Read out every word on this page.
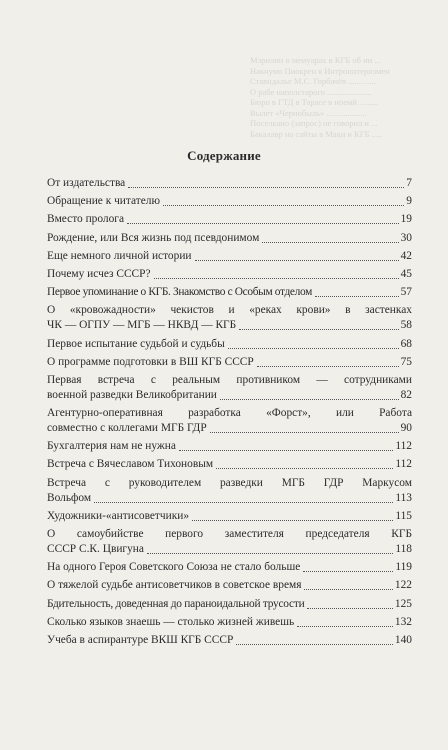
Мэрилин о мемуарах в КГБ об ии ...
Накнумо Пиокрен я Интроинтеризмен
Ставидалье М.С. Горбачёв .............
О рабе наполстарого .....................
Бюро в ГТД в Тарасе в ноемй .........
Вылет «Чернобыль» ...................
Поселкано (запрос) не говорил и ...
Бакалавр на сайты в Маки и КГБ .....
Содержание
От издательства	7
Обращение к читателю	9
Вместо пролога	19
Рождение, или Вся жизнь под псевдонимом	30
Еще немного личной истории	42
Почему исчез СССР?	45
Первое упоминание о КГБ. Знакомство с Особым отделом	57
О «кровожадности» чекистов и «реках крови» в застенках
ЧК — ОГПУ — МГБ — НКВД — КГБ	58
Первое испытание судьбой и судьбы	68
О программе подготовки в ВШ КГБ СССР	75
Первая встреча с реальным противником — сотрудниками
военной разведки Великобритании	82
Агентурно-оперативная разработка «Форст», или Работа
совместно с коллегами МГБ ГДР	90
Бухгалтерия нам не нужна	112
Встреча с Вячеславом Тихоновым	112
Встреча с руководителем разведки МГБ ГДР Маркусом
Вольфом	113
Художники-«антисоветчики»	115
О самоубийстве первого заместителя председателя КГБ
СССР С.К. Цвигуна	118
На одного Героя Советского Союза не стало больше	119
О тяжелой судьбе антисоветчиков в советское время	122
Бдительность, доведенная до параноидальной трусости	125
Сколько языков знаешь — столько жизней живешь	132
Учеба в аспирантуре ВКШ КГБ СССР	140
